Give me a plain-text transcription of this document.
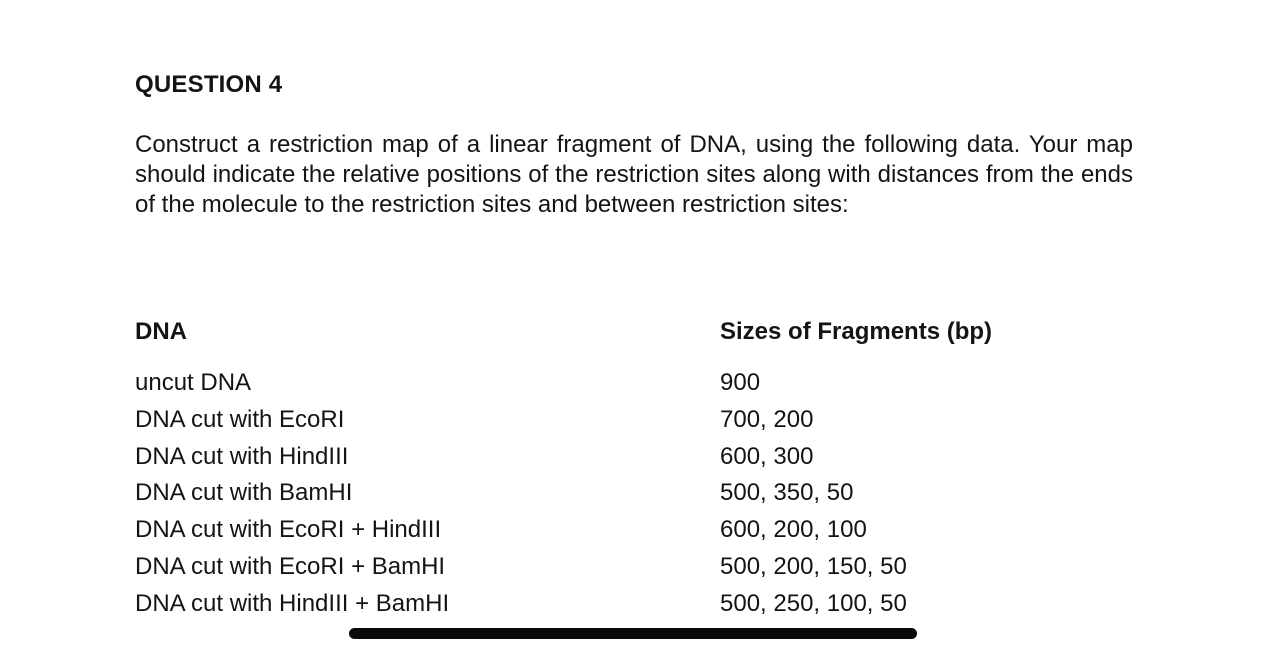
QUESTION 4
Construct a restriction map of a linear fragment of DNA, using the following data. Your map should indicate the relative positions of the restriction sites along with distances from the ends of the molecule to the restriction sites and between restriction sites:
DNA	Sizes of Fragments (bp)
uncut DNA	900
DNA cut with EcoRI	700, 200
DNA cut with HindIII	600, 300
DNA cut with BamHI	500, 350, 50
DNA cut with EcoRI + HindIII	600, 200, 100
DNA cut with EcoRI + BamHI	500, 200, 150, 50
DNA cut with HindIII + BamHI	500, 250, 100, 50
